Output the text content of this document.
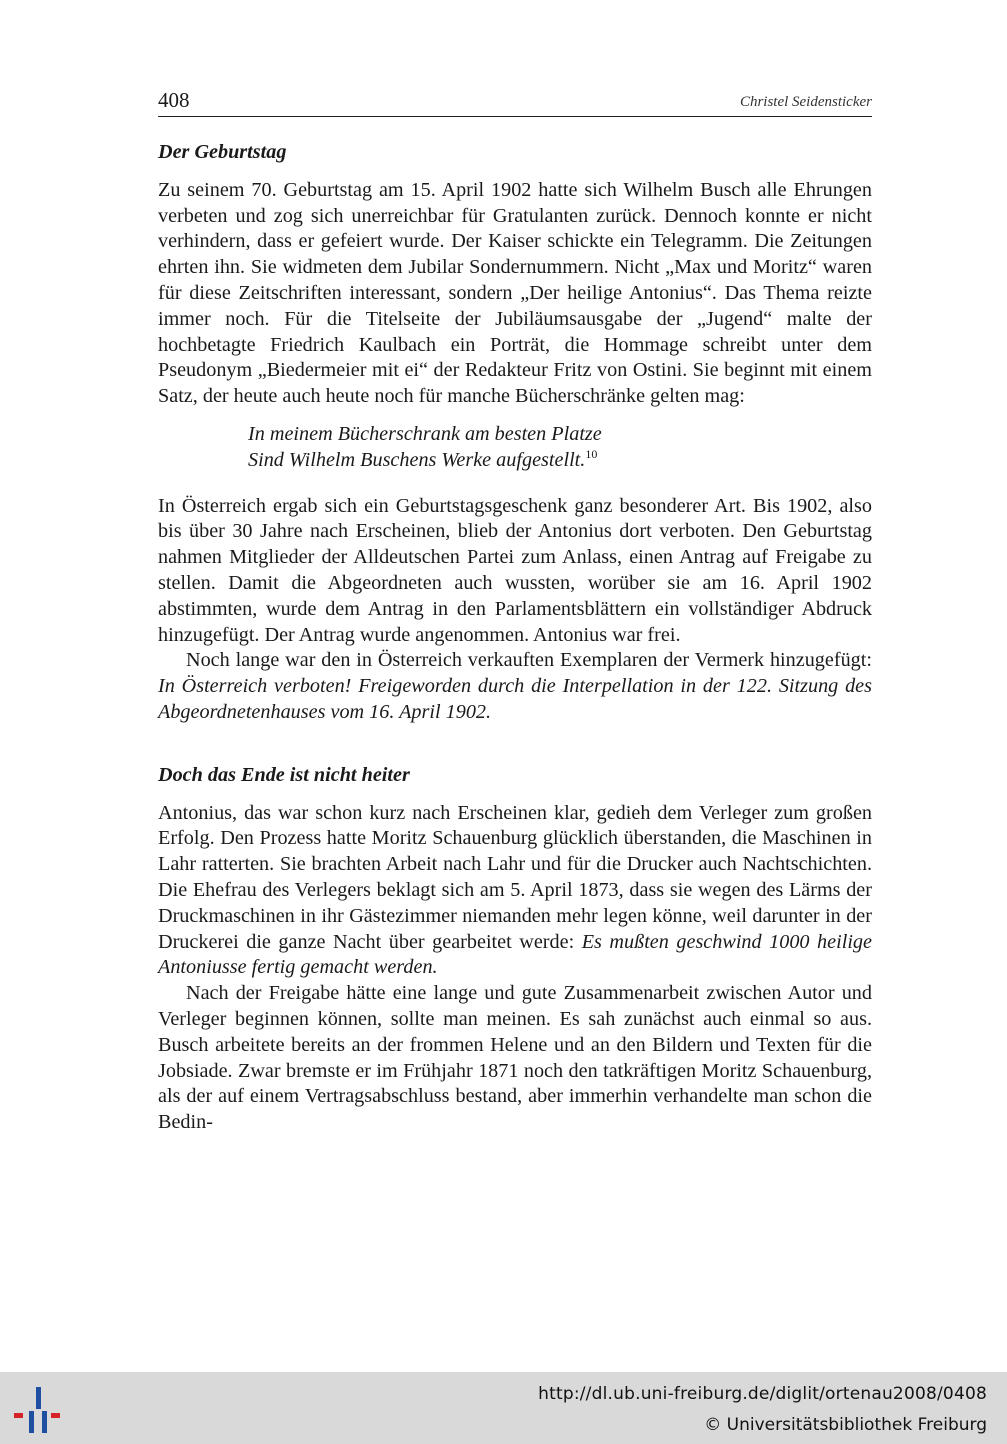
408	Christel Seidensticker
Der Geburtstag

Zu seinem 70. Geburtstag am 15. April 1902 hatte sich Wilhelm Busch alle Ehrungen verbeten und zog sich unerreichbar für Gratulanten zurück. Dennoch konnte er nicht verhindern, dass er gefeiert wurde. Der Kaiser schickte ein Telegramm. Die Zeitungen ehrten ihn. Sie widmeten dem Jubilar Sondernummern. Nicht „Max und Moritz“ waren für diese Zeitschriften interessant, sondern „Der heilige Antonius“. Das Thema reizte immer noch. Für die Titelseite der Jubiläumsausgabe der „Jugend“ malte der hochbetagte Friedrich Kaulbach ein Porträt, die Hommage schreibt unter dem Pseudonym „Biedermeier mit ei“ der Redakteur Fritz von Ostini. Sie beginnt mit einem Satz, der heute auch heute noch für manche Bücherschränke gelten mag:

In meinem Bücherschrank am besten Platze
Sind Wilhelm Buschens Werke aufgestellt.$^{10}$

In Österreich ergab sich ein Geburtstagsgeschenk ganz besonderer Art. Bis 1902, also bis über 30 Jahre nach Erscheinen, blieb der Antonius dort verboten. Den Geburtstag nahmen Mitglieder der Alldeutschen Partei zum Anlass, einen Antrag auf Freigabe zu stellen. Damit die Abgeordneten auch wussten, worüber sie am 16. April 1902 abstimmten, wurde dem Antrag in den Parlamentsblättern ein vollständiger Abdruck hinzugefügt. Der Antrag wurde angenommen. Antonius war frei.

Noch lange war den in Österreich verkauften Exemplaren der Vermerk hinzugefügt: In Österreich verboten! Freigeworden durch die Interpellation in der 122. Sitzung des Abgeordnetenhauses vom 16. April 1902.

Doch das Ende ist nicht heiter

Antonius, das war schon kurz nach Erscheinen klar, gedieh dem Verleger zum großen Erfolg. Den Prozess hatte Moritz Schauenburg glücklich überstanden, die Maschinen in Lahr ratterten. Sie brachten Arbeit nach Lahr und für die Drucker auch Nachtschichten. Die Ehefrau des Verlegers beklagt sich am 5. April 1873, dass sie wegen des Lärms der Druckmaschinen in ihr Gästezimmer niemanden mehr legen könne, weil darunter in der Druckerei die ganze Nacht über gearbeitet werde: Es mußten geschwind 1000 heilige Antoniusse fertig gemacht werden.

Nach der Freigabe hätte eine lange und gute Zusammenarbeit zwischen Autor und Verleger beginnen können, sollte man meinen. Es sah zunächst auch einmal so aus. Busch arbeitete bereits an der frommen Helene und an den Bildern und Texten für die Jobsiade. Zwar bremste er im Frühjahr 1871 noch den tatkräftigen Moritz Schauenburg, als der auf einem Vertragsabschluss bestand, aber immerhin verhandelte man schon die Bedin-

http://dl.ub.uni-freiburg.de/diglit/ortenau2008/0408
© Universitätsbibliothek Freiburg
